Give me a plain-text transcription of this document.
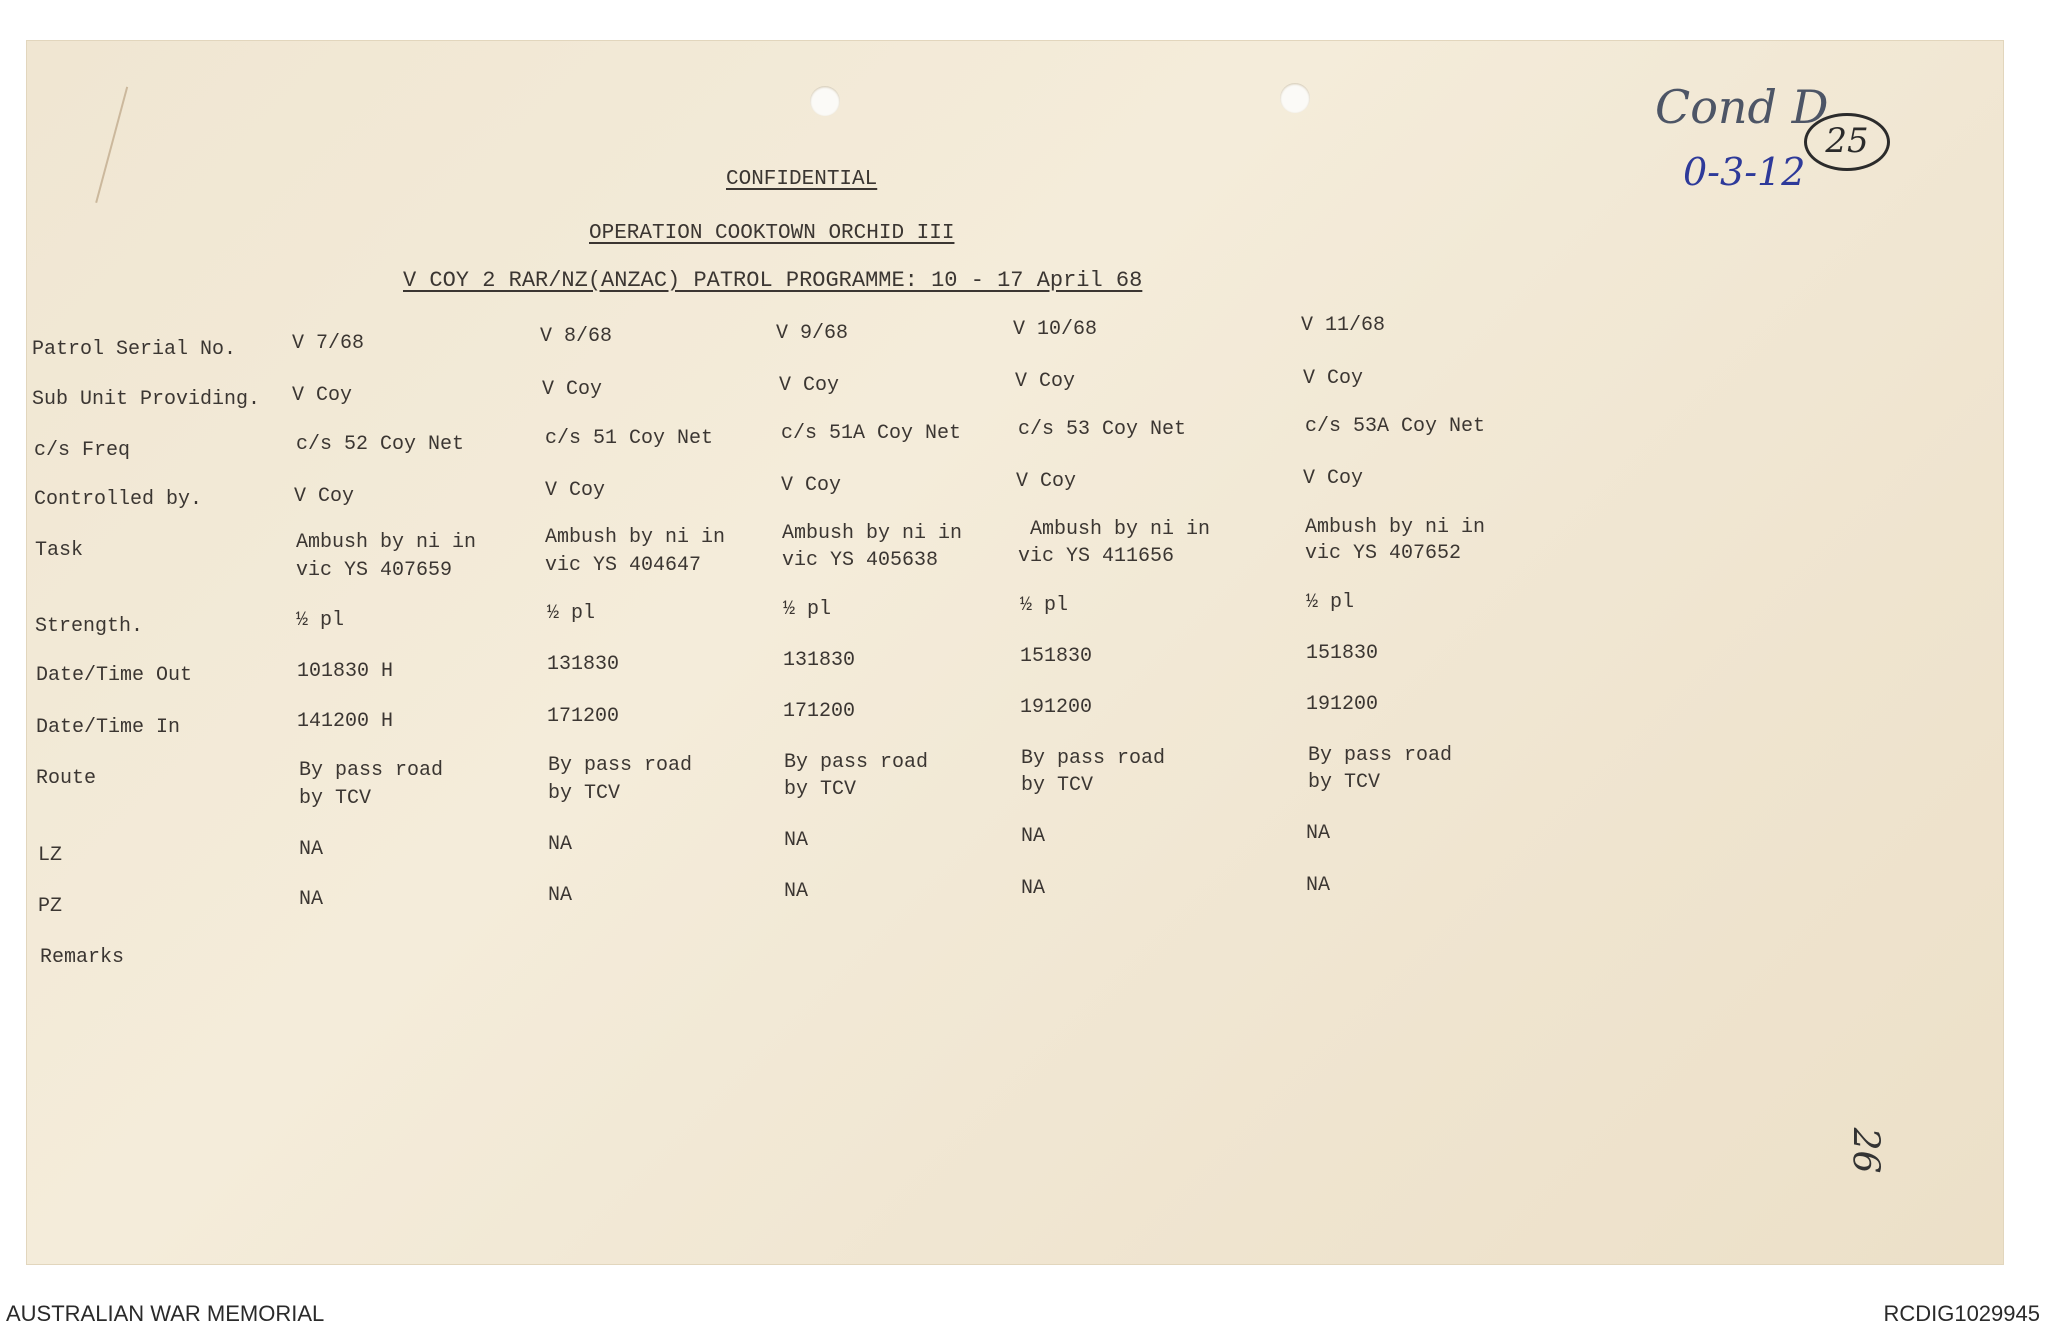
Cond D
25
0-3-12
26
CONFIDENTIAL
OPERATION COOKTOWN ORCHID III
V COY 2 RAR/NZ(ANZAC) PATROL PROGRAMME: 10 - 17 April 68
Patrol Serial No.
Sub Unit Providing.
c/s Freq
Controlled by.
Task
Strength.
Date/Time Out
Date/Time In
Route
LZ
PZ
Remarks
V 7/68
V Coy
c/s 52 Coy Net
V Coy
Ambush by ni in
vic YS 407659
½ pl
101830 H
141200 H
By pass road
by TCV
NA
NA
V 8/68
V Coy
c/s 51 Coy Net
V Coy
Ambush by ni in
vic YS 404647
½ pl
131830
171200
By pass road
by TCV
NA
NA
V 9/68
V Coy
c/s 51A Coy Net
V Coy
Ambush by ni in
vic YS 405638
½ pl
131830
171200
By pass road
by TCV
NA
NA
V 10/68
V Coy
c/s 53 Coy Net
V Coy
Ambush by ni in
vic YS 411656
½ pl
151830
191200
By pass road
by TCV
NA
NA
V 11/68
V Coy
c/s 53A Coy Net
V Coy
Ambush by ni in
vic YS 407652
½ pl
151830
191200
By pass road
by TCV
NA
NA
AUSTRALIAN WAR MEMORIAL	RCDIG1029945
